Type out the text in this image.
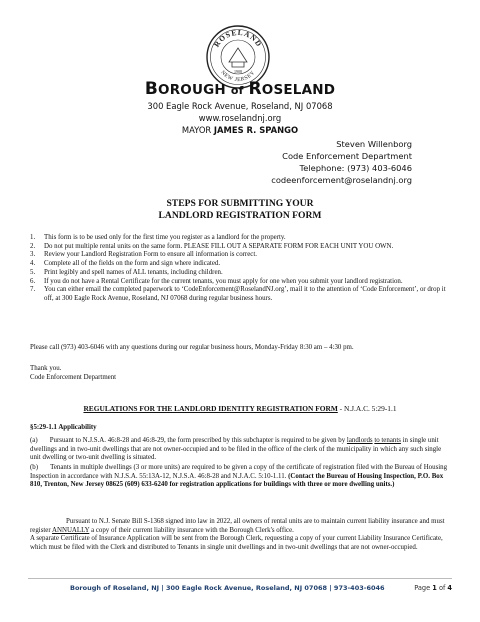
ROSELAND
NEW JERSEY
1908
BOROUGH of ROSELAND
300 Eagle Rock Avenue, Roseland, NJ 07068
www.roselandnj.org
MAYOR JAMES R. SPANGO
Steven Willenborg
Code Enforcement Department
Telephone: (973) 403-6046
codeenforcement@roselandnj.org
STEPS FOR SUBMITTING YOUR
LANDLORD REGISTRATION FORM
1. This form is to be used only for the first time you register as a landlord for the property.
2. Do not put multiple rental units on the same form. PLEASE FILL OUT A SEPARATE FORM FOR EACH UNIT YOU OWN.
3. Review your Landlord Registration Form to ensure all information is correct.
4. Complete all of the fields on the form and sign where indicated.
5. Print legibly and spell names of ALL tenants, including children.
6. If you do not have a Rental Certificate for the current tenants, you must apply for one when you submit your landlord registration.
7. You can either email the completed paperwork to ‘CodeEnforcement@RoselandNJ.org’, mail it to the attention of ‘Code Enforcement’, or drop it off, at 300 Eagle Rock Avenue, Roseland, NJ 07068 during regular business hours.
Please call (973) 403-6046 with any questions during our regular business hours, Monday-Friday 8:30 am – 4:30 pm.
Thank you.
Code Enforcement Department
REGULATIONS FOR THE LANDLORD IDENTITY REGISTRATION FORM - N.J.A.C. 5:29-1.1
§5:29-1.1 Applicability
(a) Pursuant to N.J.S.A. 46:8-28 and 46:8-29, the form prescribed by this subchapter is required to be given by landlords to tenants in single unit dwellings and in two-unit dwellings that are not owner-occupied and to be filed in the office of the clerk of the municipality in which any such single unit dwelling or two-unit dwelling is situated.
(b) Tenants in multiple dwellings (3 or more units) are required to be given a copy of the certificate of registration filed with the Bureau of Housing Inspection in accordance with N.J.S.A. 55:13A-12, N.J.S.A. 46:8-28 and N.J.A.C. 5:10-1.11. (Contact the Bureau of Housing Inspection, P.O. Box 810, Trenton, New Jersey 08625 (609) 633-6240 for registration applications for buildings with three or more dwelling units.)
Pursuant to N.J. Senate Bill S-1368 signed into law in 2022, all owners of rental units are to maintain current liability insurance and must register ANNUALLY a copy of their current liability insurance with the Borough Clerk's office.
A separate Certificate of Insurance Application will be sent from the Borough Clerk, requesting a copy of your current Liability Insurance Certificate, which must be filed with the Clerk and distributed to Tenants in single unit dwellings and in two-unit dwellings that are not owner-occupied.
Borough of Roseland, NJ | 300 Eagle Rock Avenue, Roseland, NJ 07068 | 973-403-6046	Page 1 of 4
